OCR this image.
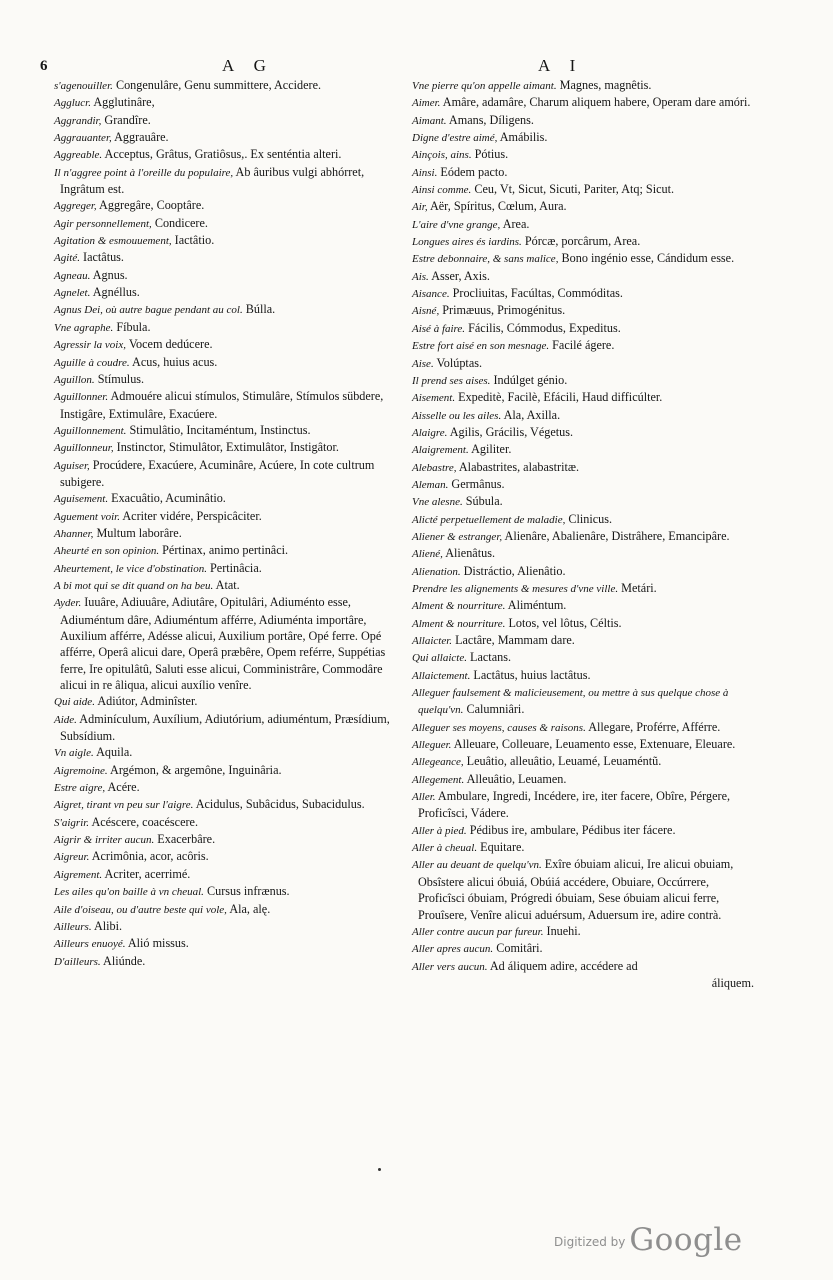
6	A G	A I
s'agenouiller. Congenulâre, Genu summittere, Accidere.
Agglucr. Agglutinâre,
Aggrandir, Grandîre.
Aggrauanter, Aggrauâre.
Aggreable. Acceptus, Grâtus, Gratiôsus,. Ex senténtia alteri.
Il n'aggree point à l'oreille du populaire, Ab âuribus vulgi abhórret, Ingrâtum est.
Aggreger, Aggregâre, Cooptâre.
Agir personnellement, Condicere.
Agitation & esmouuement, Iactâtio.
Agité. Iactâtus.
Agneau. Agnus.
Agnelet. Agnéllus.
Agnus Dei, où autre bague pendant au col. Búlla.
Vne agraphe. Fíbula.
Agressir la voix, Vocem dedúcere.
Aguille à coudre. Acus, huius acus.
Aguillon. Stímulus.
Aguillonner. Admouére alicui stímulos, Stimulâre, Stímulos sübdere, Instigâre, Extimulâre, Exacúere.
Aguillonnement. Stimulâtio, Incitaméntum, Instinctus.
Aguillonneur, Instinctor, Stimulâtor, Extimulâtor, Instigâtor.
Aguiser, Procúdere, Exacúere, Acuminâre, Acúere, In cote cultrum subigere.
Aguisement. Exacuâtio, Acuminâtio.
Aguement voir. Acriter vidére, Perspicâciter.
Ahanner, Multum laborâre.
Aheurté en son opinion. Pértinax, animo pertinâci.
Aheurtement, le vice d'obstination. Pertinâcia.
A bi mot qui se dit quand on ha beu. Atat.
Ayder. Iuuâre, Adiuuâre, Adiutâre, Opitulâri, Adiuménto esse, Adiuméntum dâre, Adiuméntum afférre, Adiuménta importâre, Auxilium afférre, Adésse alicui, Auxilium portâre, Opé ferre. Opé afférre, Operâ alicui dare, Operâ præbêre, Opem reférre, Suppétias ferre, Ire opitulâtû, Saluti esse alicui, Comministrâre, Commodâre alicui in re âliqua, alicui auxílio venîre.
Qui aide. Adiútor, Adminîster.
Aide. Adminículum, Auxílium, Adiutórium, adiuméntum, Præsídium, Subsídium.
Vn aigle. Aquila.
Aigremoine. Argémon, & argemône, Inguinâria.
Estre aigre, Acére.
Aigret, tirant vn peu sur l'aigre. Acidulus, Subâcidus, Subacidulus.
S'aigrir. Acéscere, coacéscere.
Aigrir & irriter aucun. Exacerbâre.
Aigreur. Acrimônia, acor, acôris.
Aigrement. Acriter, acerrimé.
Les ailes qu'on baille à vn cheual. Cursus infrænus.
Aile d'oiseau, ou d'autre beste qui vole, Ala, alę.
Ailleurs. Alibi.
Ailleurs enuoyé. Alió missus.
D'ailleurs. Aliúnde.
Vne pierre qu'on appelle aimant. Magnes, magnêtis.
Aimer. Amâre, adamâre, Charum aliquem habere, Operam dare amóri.
Aimant. Amans, Díligens.
Digne d'estre aimé, Amábilis.
Ainçois, ains. Pótius.
Ainsi. Eódem pacto.
Ainsi comme. Ceu, Vt, Sicut, Sicuti, Pariter, Atq; Sicut.
Air, Aër, Spíritus, Cœlum, Aura.
L'aire d'vne grange, Area.
Longues aires és iardins. Pórcæ, porcârum, Area.
Estre debonnaire, & sans malice, Bono ingénio esse, Cándidum esse.
Ais. Asser, Axis.
Aisance. Procliuitas, Facúltas, Commóditas.
Aisné, Primæuus, Primogénitus.
Aisé à faire. Fácilis, Cómmodus, Expeditus.
Estre fort aisé en son mesnage. Facilé ágere.
Aise. Volúptas.
Il prend ses aises. Indúlget génio.
Aisement. Expeditè, Facilè, Efácili, Haud difficúlter.
Aisselle ou les ailes. Ala, Axilla.
Alaigre. Agilis, Grácilis, Végetus.
Alaigrement. Agiliter.
Alebastre, Alabastrites, alabastritæ.
Aleman. Germânus.
Vne alesne. Súbula.
Alicté perpetuellement de maladie, Clinicus.
Aliener & estranger, Alienâre, Abalienâre, Distrâhere, Emancipâre.
Aliené, Alienâtus.
Alienation. Distráctio, Alienâtio.
Prendre les alignements & mesures d'vne ville. Metári.
Alment & nourriture. Aliméntum.
Alment & nourriture. Lotos, vel lôtus, Céltis.
Allaicter. Lactâre, Mammam dare.
Qui allaicte. Lactans.
Allaictement. Lactâtus, huius lactâtus.
Alleguer faulsement & malicieusement, ou mettre à sus quelque chose à quelqu'vn. Calumniâri.
Alleguer ses moyens, causes & raisons. Allegare, Proférre, Afférre.
Alleguer. Alleuare, Colleuare, Leuamento esse, Extenuare, Eleuare.
Allegeance, Leuâtio, alleuâtio, Leuamé, Leuaméntũ.
Allegement. Alleuâtio, Leuamen.
Aller. Ambulare, Ingredi, Incédere, ire, iter facere, Obîre, Pérgere, Proficîsci, Vádere.
Aller à pied. Pédibus ire, ambulare, Pédibus iter fácere.
Aller à cheual. Equitare.
Aller au deuant de quelqu'vn. Exîre óbuiam alicui, Ire alicui obuiam, Obsîstere alicui óbuiá, Obúiá accédere, Obuiare, Occúrrere, Proficîsci óbuiam, Prógredi óbuiam, Sese óbuiam alicui ferre, Prouîsere, Venîre alicui aduérsum, Aduersum ire, adire contrà.
Aller contre aucun par fureur. Inuehi.
Aller apres aucun. Comitâri.
Aller vers aucun. Ad áliquem adire, accédere ad
áliquem.
$^{Digitized by}$ Google
